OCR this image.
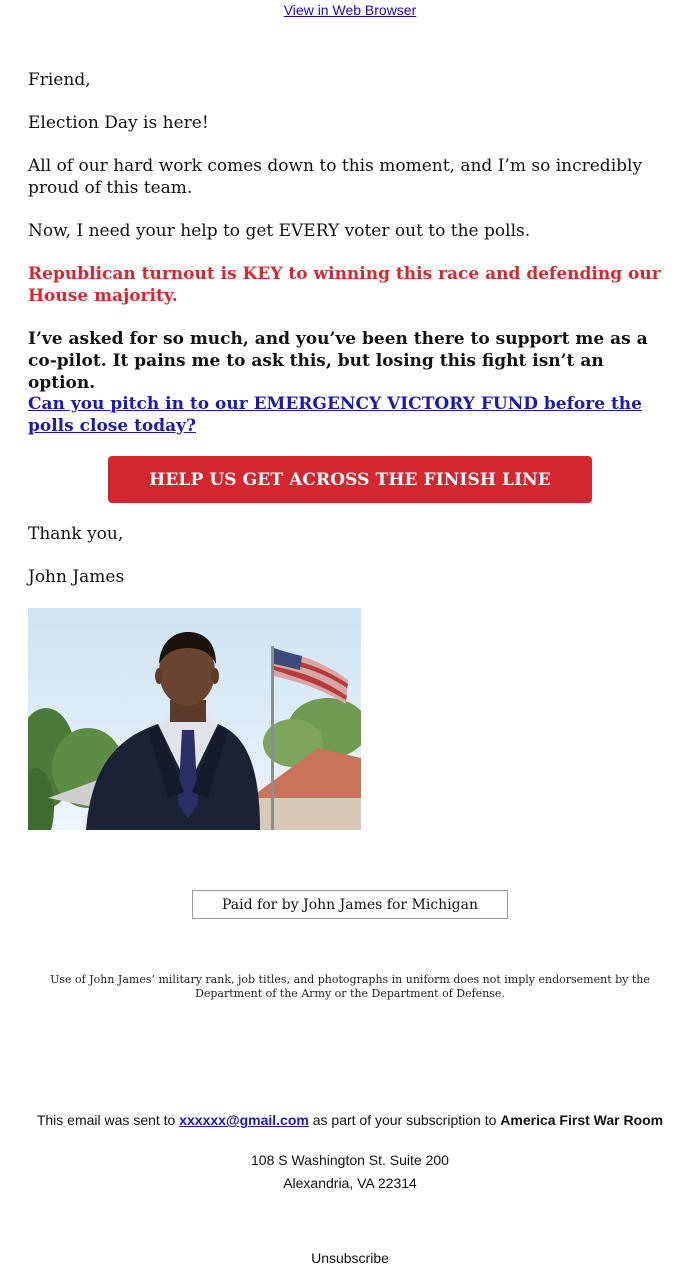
View in Web Browser

Friend,

Election Day is here!

All of our hard work comes down to this moment, and I’m so incredibly proud of this team.

Now, I need your help to get EVERY voter out to the polls.

Republican turnout is KEY to winning this race and defending our House majority.

I’ve asked for so much, and you’ve been there to support me as a co-pilot. It pains me to ask this, but losing this fight isn’t an option.

Can you pitch in to our EMERGENCY VICTORY FUND before the polls close today?

HELP US GET ACROSS THE FINISH LINE

Thank you,

John James

Paid for by John James for Michigan
Use of John James’ military rank, job titles, and photographs in uniform does not imply endorsement by the Department of the Army or the Department of Defense.
This email was sent to xxxxxx@gmail.com as part of your subscription to America First War Room
108 S Washington St. Suite 200
Alexandria, VA 22314
Unsubscribe
